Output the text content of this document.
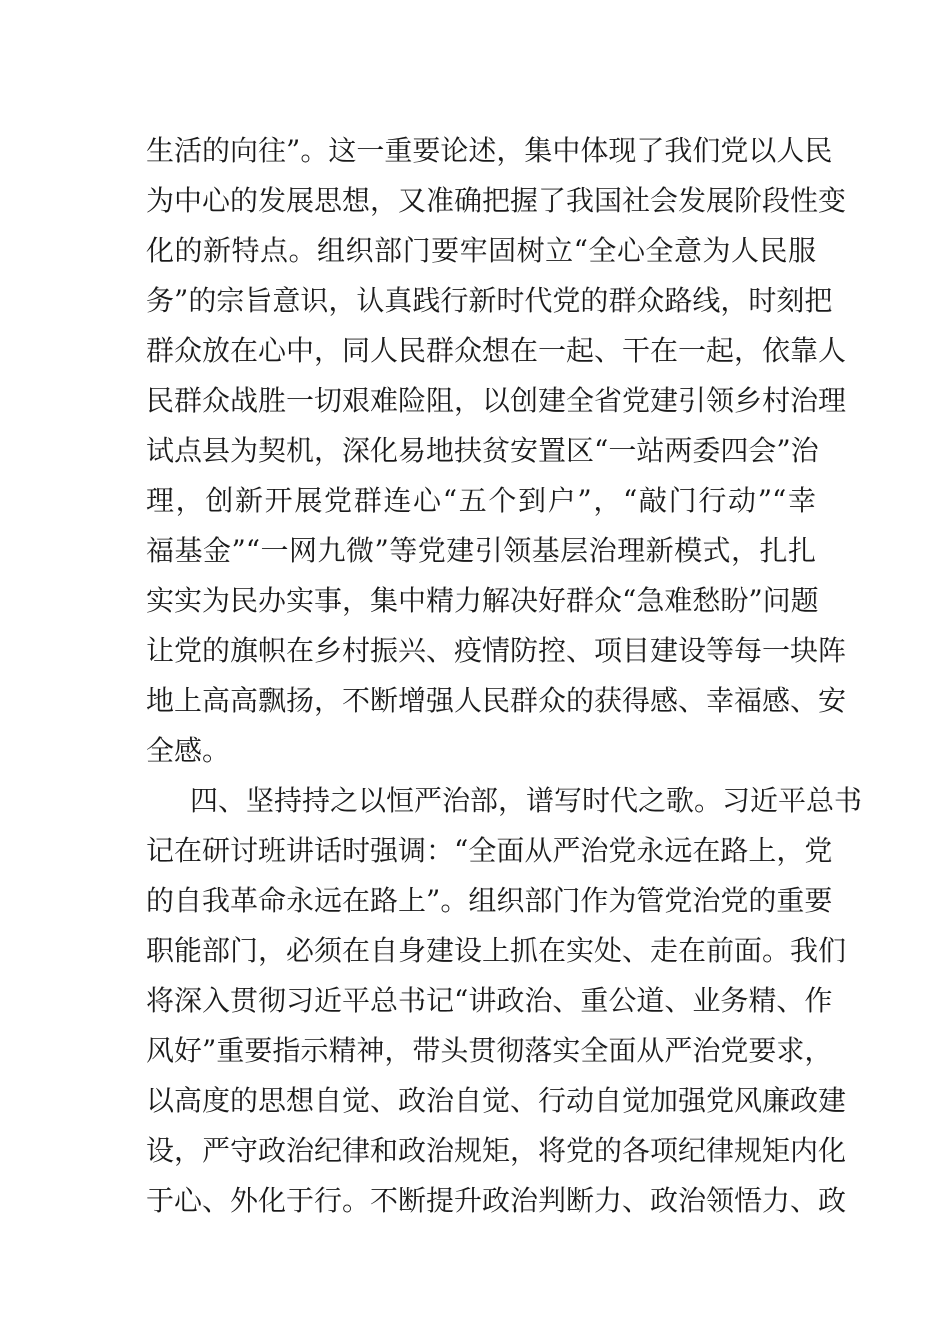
生活的向往”。这一重要论述，集中体现了我们党以人民
为中心的发展思想，又准确把握了我国社会发展阶段性变
化的新特点。组织部门要牢固树立“全心全意为人民服
务”的宗旨意识，认真践行新时代党的群众路线，时刻把
群众放在心中，同人民群众想在一起、干在一起，依靠人
民群众战胜一切艰难险阻，以创建全省党建引领乡村治理
试点县为契机，深化易地扶贫安置区“一站两委四会”治
理，创新开展党群连心“五个到户”，“敲门行动”“幸
福基金”“一网九微”等党建引领基层治理新模式，扎扎
实实为民办实事，集中精力解决好群众“急难愁盼”问题
让党的旗帜在乡村振兴、疫情防控、项目建设等每一块阵
地上高高飘扬，不断增强人民群众的获得感、幸福感、安
全感。
四、坚持持之以恒严治部，谱写时代之歌。习近平总书
记在研讨班讲话时强调：“全面从严治党永远在路上，党
的自我革命永远在路上”。组织部门作为管党治党的重要
职能部门，必须在自身建设上抓在实处、走在前面。我们
将深入贯彻习近平总书记“讲政治、重公道、业务精、作
风好”重要指示精神，带头贯彻落实全面从严治党要求，
以高度的思想自觉、政治自觉、行动自觉加强党风廉政建
设，严守政治纪律和政治规矩，将党的各项纪律规矩内化
于心、外化于行。不断提升政治判断力、政治领悟力、政
